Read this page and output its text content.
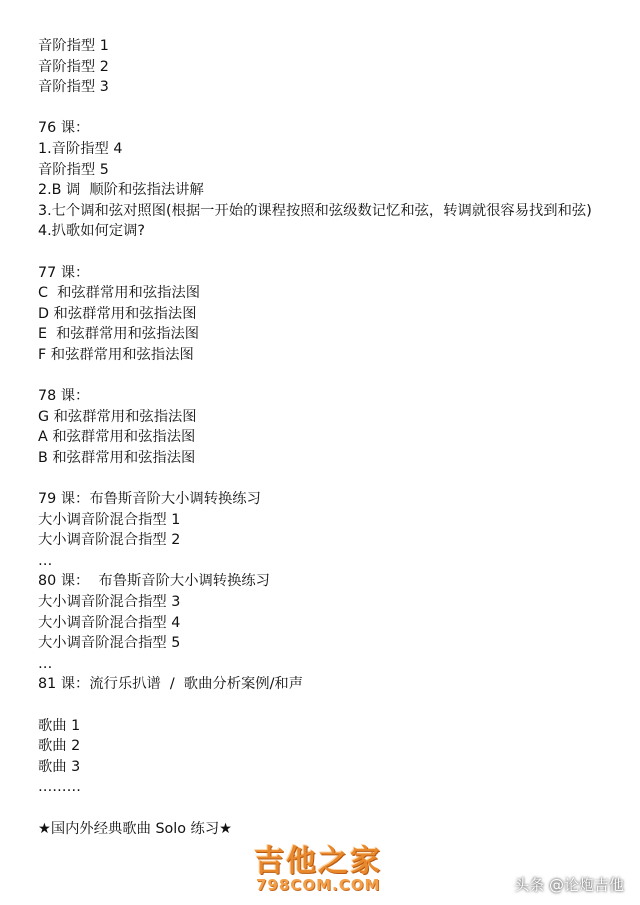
音阶指型 1
音阶指型 2
音阶指型 3
76 课：
1.音阶指型 4
音阶指型 5
2.B 调  顺阶和弦指法讲解
3.七个调和弦对照图(根据一开始的课程按照和弦级数记忆和弦，转调就很容易找到和弦)
4.扒歌如何定调?
77 课：
C  和弦群常用和弦指法图
D 和弦群常用和弦指法图
E  和弦群常用和弦指法图
F 和弦群常用和弦指法图
78 课：
G 和弦群常用和弦指法图
A 和弦群常用和弦指法图
B 和弦群常用和弦指法图
79 课：布鲁斯音阶大小调转换练习
大小调音阶混合指型 1
大小调音阶混合指型 2
…
80 课：  布鲁斯音阶大小调转换练习
大小调音阶混合指型 3
大小调音阶混合指型 4
大小调音阶混合指型 5
…
81 课：流行乐扒谱  /  歌曲分析案例/和声
歌曲 1
歌曲 2
歌曲 3
………
★国内外经典歌曲 Solo 练习★
吉他之家
798COM.COM	头条 @论炮吉他
